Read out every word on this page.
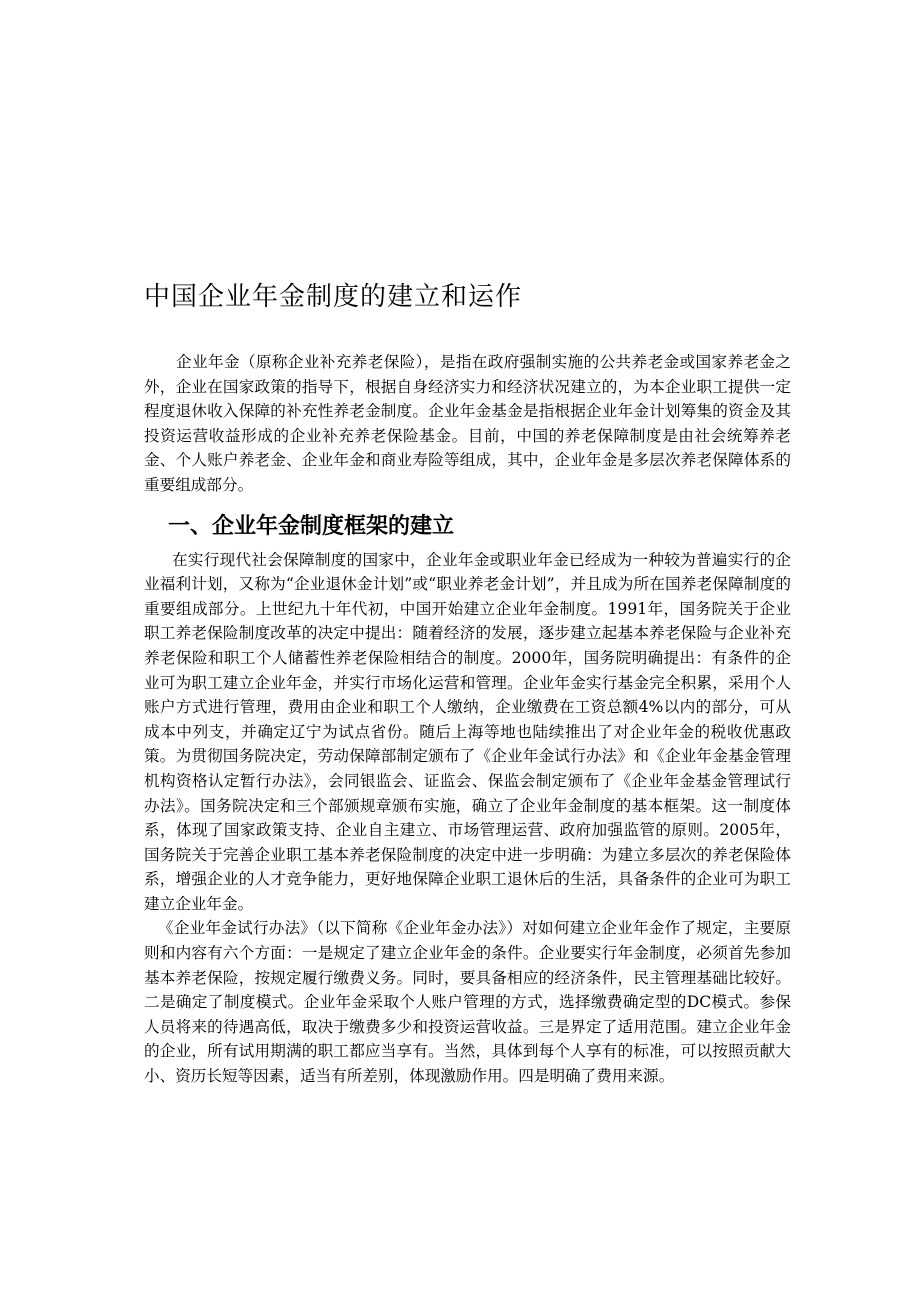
中国企业年金制度的建立和运作

企业年金（原称企业补充养老保险），是指在政府强制实施的公共养老金或国家养老金之外，企业在国家政策的指导下，根据自身经济实力和经济状况建立的，为本企业职工提供一定程度退休收入保障的补充性养老金制度。企业年金基金是指根据企业年金计划筹集的资金及其投资运营收益形成的企业补充养老保险基金。目前，中国的养老保障制度是由社会统筹养老金、个人账户养老金、企业年金和商业寿险等组成，其中，企业年金是多层次养老保障体系的重要组成部分。

一、企业年金制度框架的建立

在实行现代社会保障制度的国家中，企业年金或职业年金已经成为一种较为普遍实行的企业福利计划，又称为“企业退休金计划”或“职业养老金计划”，并且成为所在国养老保障制度的重要组成部分。上世纪九十年代初，中国开始建立企业年金制度。1991年，国务院关于企业职工养老保险制度改革的决定中提出：随着经济的发展，逐步建立起基本养老保险与企业补充养老保险和职工个人储蓄性养老保险相结合的制度。2000年，国务院明确提出：有条件的企业可为职工建立企业年金，并实行市场化运营和管理。企业年金实行基金完全积累，采用个人账户方式进行管理，费用由企业和职工个人缴纳，企业缴费在工资总额4%以内的部分，可从成本中列支，并确定辽宁为试点省份。随后上海等地也陆续推出了对企业年金的税收优惠政策。为贯彻国务院决定，劳动保障部制定颁布了《企业年金试行办法》和《企业年金基金管理机构资格认定暂行办法》，会同银监会、证监会、保监会制定颁布了《企业年金基金管理试行办法》。国务院决定和三个部颁规章颁布实施，确立了企业年金制度的基本框架。这一制度体系，体现了国家政策支持、企业自主建立、市场管理运营、政府加强监管的原则。2005年，国务院关于完善企业职工基本养老保险制度的决定中进一步明确：为建立多层次的养老保险体系，增强企业的人才竞争能力，更好地保障企业职工退休后的生活，具备条件的企业可为职工建立企业年金。

《企业年金试行办法》（以下简称《企业年金办法》）对如何建立企业年金作了规定，主要原则和内容有六个方面：一是规定了建立企业年金的条件。企业要实行年金制度，必须首先参加基本养老保险，按规定履行缴费义务。同时，要具备相应的经济条件，民主管理基础比较好。二是确定了制度模式。企业年金采取个人账户管理的方式，选择缴费确定型的DC模式。参保人员将来的待遇高低，取决于缴费多少和投资运营收益。三是界定了适用范围。建立企业年金的企业，所有试用期满的职工都应当享有。当然，具体到每个人享有的标准，可以按照贡献大小、资历长短等因素，适当有所差别，体现激励作用。四是明确了费用来源。
